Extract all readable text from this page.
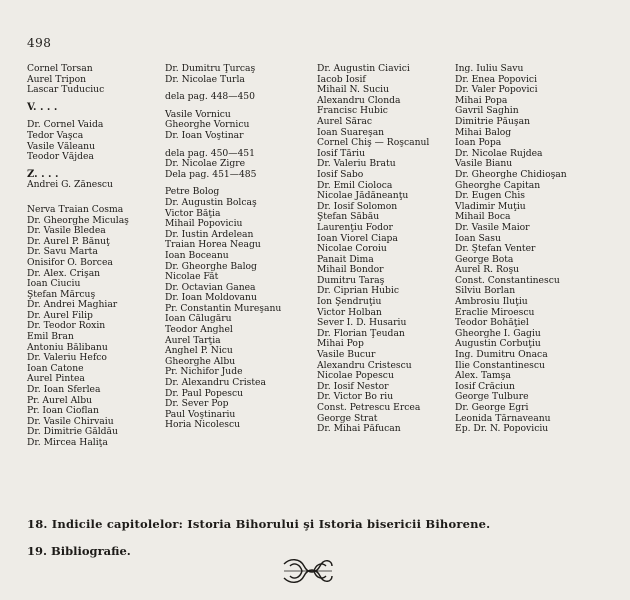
498
Cornel Torsan
Aurel Tripon
Lascar Tuduciuc
V. . . .
Dr. Cornel Vaida
Tedor Vaşca
Vasile Văleanu
Teodor Văjdea
Z. . . .
Andrei G. Zănescu
Nerva Traian Cosma
Dr. Gheorghe Miculaş
Dr. Vasile Bledea
Dr. Aurel P. Bănuţ
Dr. Savu Marta
Onisifor O. Borcea
Dr. Alex. Crişan
Ioan Ciuciu
Ştefan Mărcuş
Dr. Andrei Maghiar
Dr. Aurel Filip
Dr. Teodor Roxin
Emil Bran
Antoniu Bălibanu
Dr. Valeriu Hefco
Ioan Catone
Aurel Pintea
Dr. Ioan Sferlea
Pr. Aurel Albu
Pr. Ioan Cioflan
Dr. Vasile Chirvaiu
Dr. Dimitrie Găldău
Dr. Mircea Haliţa
Dr. Dumitru Ţurcaş
Dr. Nicolae Turla
dela pag. 448—450
Vasile Vornicu
Gheorghe Vornicu
Dr. Ioan Voştinar
dela pag. 450—451
Dr. Nicolae Zigre
Dela pag. 451—485
Petre Bolog
Dr. Augustin Bolcaş
Victor Băţia
Mihail Popoviciu
Dr. Iustin Ardelean
Traian Horea Neagu
Ioan Boceanu
Dr. Gheorghe Balog
Nicolae Făt
Dr. Octavian Ganea
Dr. Ioan Moldovanu
Pr. Constantin Mureşanu
Ioan Călugăru
Teodor Anghel
Aurel Tarţia
Anghel P. Nicu
Gheorghe Albu
Pr. Nichifor Jude
Dr. Alexandru Cristea
Dr. Paul Popescu
Dr. Sever Pop
Paul Voştinariu
Horia Nicolescu
Dr. Augustin Ciavici
Iacob Iosif
Mihail N. Suciu
Alexandru Clonda
Francisc Hubic
Aurel Sărac
Ioan Suareşan
Cornel Chiş — Roşcanul
Iosif Tăriu
Dr. Valeriu Bratu
Iosif Sabo
Dr. Emil Cioloca
Nicolae Jădăneanţu
Dr. Iosif Solomon
Ştefan Săbău
Laurenţiu Fodor
Ioan Viorel Ciapa
Nicolae Coroiu
Panait Dima
Mihail Bondor
Dumitru Taraş
Dr. Ciprian Hubic
Ion Şendruţiu
Victor Holban
Sever I. D. Husariu
Dr. Florian Ţeudan
Mihai Pop
Vasile Bucur
Alexandru Cristescu
Nicolae Popescu
Dr. Iosif Nestor
Dr. Victor Bo riu
Const. Petrescu Ercea
George Strat
Dr. Mihai Păfucan
Ing. Iuliu Savu
Dr. Enea Popovici
Dr. Valer Popovici
Mihai Popa
Gavril Saghin
Dimitrie Păuşan
Mihai Balog
Ioan Popa
Dr. Nicolae Rujdea
Vasile Bianu
Dr. Gheorghe Chidioşan
Gheorghe Capitan
Dr. Eugen Chis
Vladimir Muţiu
Mihail Boca
Dr. Vasile Maior
Ioan Sasu
Dr. Ştefan Venter
George Bota
Aurel R. Roşu
Const. Constantinescu
Silviu Borlan
Ambrosiu Iluţiu
Eraclie Miroescu
Teodor Bohăţiel
Gheorghe I. Gagiu
Augustin Corbuţiu
Ing. Dumitru Onaca
Ilie Constantinescu
Alex. Tamşa
Iosif Crăciun
George Tulbure
Dr. George Egri
Leonida Tărnaveanu
Ep. Dr. N. Popoviciu
18. Indicile capitolelor: Istoria Bihorului şi Istoria bisericii Bihorene.
19. Bibliografie.
